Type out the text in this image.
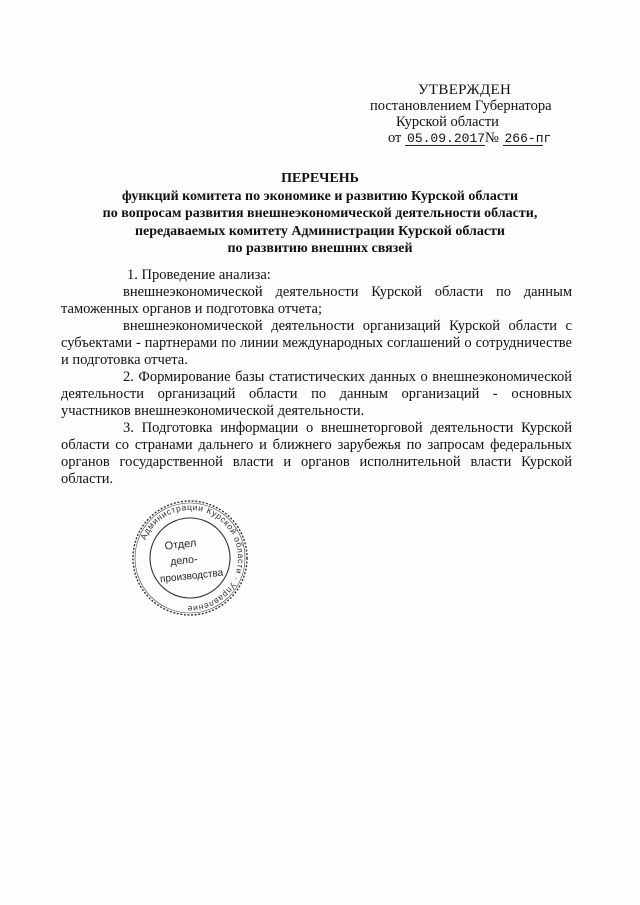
УТВЕРЖДЕН
постановлением Губернатора
Курской области
от 05.09.2017№ 266-пг
ПЕРЕЧЕНЬ
функций комитета по экономике и развитию Курской области
по вопросам развития внешнеэкономической деятельности области,
передаваемых комитету Администрации Курской области
по развитию внешних связей

1. Проведение анализа:

внешнеэкономической деятельности Курской области по данным таможенных органов и подготовка отчета;

внешнеэкономической деятельности организаций Курской области с субъектами - партнерами по линии международных соглашений о сотрудничестве и подготовка отчета.

2. Формирование базы статистических данных о внешнеэкономической деятельности организаций области по данным организаций - основных участников внешнеэкономической деятельности.

3. Подготовка информации о внешнеторговой деятельности Курской области со странами дальнего и ближнего зарубежья по запросам федеральных органов государственной власти и органов исполнительной власти Курской области.

Администрации Курской области · Управление
Отдел
дело-
производства
